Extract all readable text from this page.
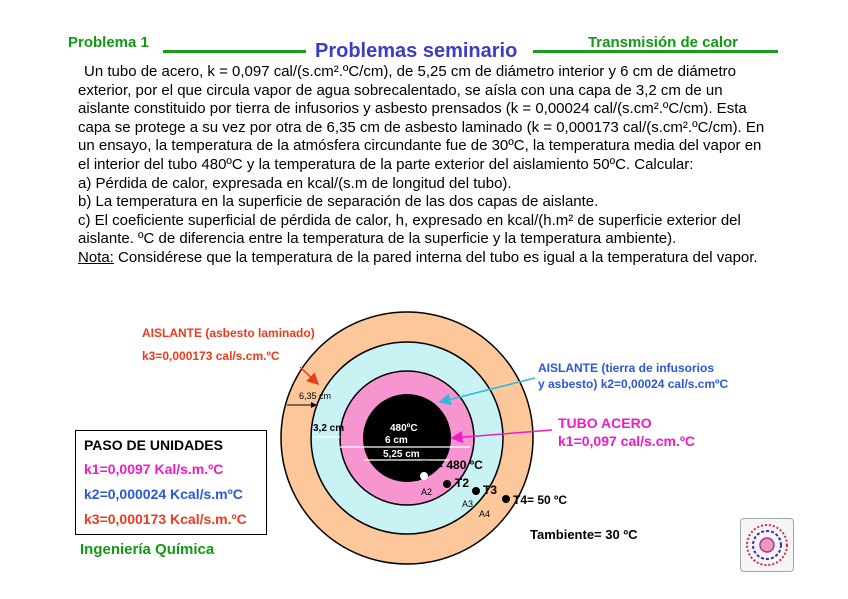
Problema 1	Problemas seminario	Transmisión de calor

Un tubo de acero, k = 0,097 cal/(s.cm².ºC/cm), de 5,25 cm de diámetro interior y 6 cm de diámetro exterior, por el que circula vapor de agua sobrecalentado, se aísla con una capa de 3,2 cm de un aislante constituido por tierra de infusorios y asbesto prensados (k = 0,00024 cal/(s.cm².ºC/cm). Esta capa se protege a su vez por otra de 6,35 cm de asbesto laminado (k = 0,000173 cal/(s.cm².ºC/cm). En un ensayo, la temperatura de la atmósfera circundante fue de 30ºC, la temperatura media del vapor en el interior del tubo 480ºC y la temperatura de la parte exterior del aislamiento 50ºC. Calcular:

a) Pérdida de calor, expresada en kcal/(s.m de longitud del tubo).

b) La temperatura en la superficie de separación de las dos capas de aislante.

c) El coeficiente superficial de pérdida de calor, h, expresado en kcal/(h.m² de superficie exterior del aislante. ºC de diferencia entre la temperatura de la superficie y la temperatura ambiente).

Nota: Considérese que la temperatura de la pared interna del tubo es igual a la temperatura del vapor.

AISLANTE (asbesto laminado)
k3=0,000173 cal/s.cm.ºC
AISLANTE (tierra de infusorios
y asbesto) k2=0,00024 cal/s.cmºC
TUBO ACERO
k1=0,097 cal/s.cm.ºC
6,35 cm
3,2 cm	480ºC
6 cm
5,25 cm
T1= 480 ºC
T2 T3
T4= 50 ºC
A1
A2
A3
A4
Tambiente= 30 ºC
PASO DE UNIDADES
k1=0,0097 Kal/s.m.ºC
k2=0,000024 Kcal/s.mºC
k3=0,000173 Kcal/s.m.ºC
Ingeniería Química
